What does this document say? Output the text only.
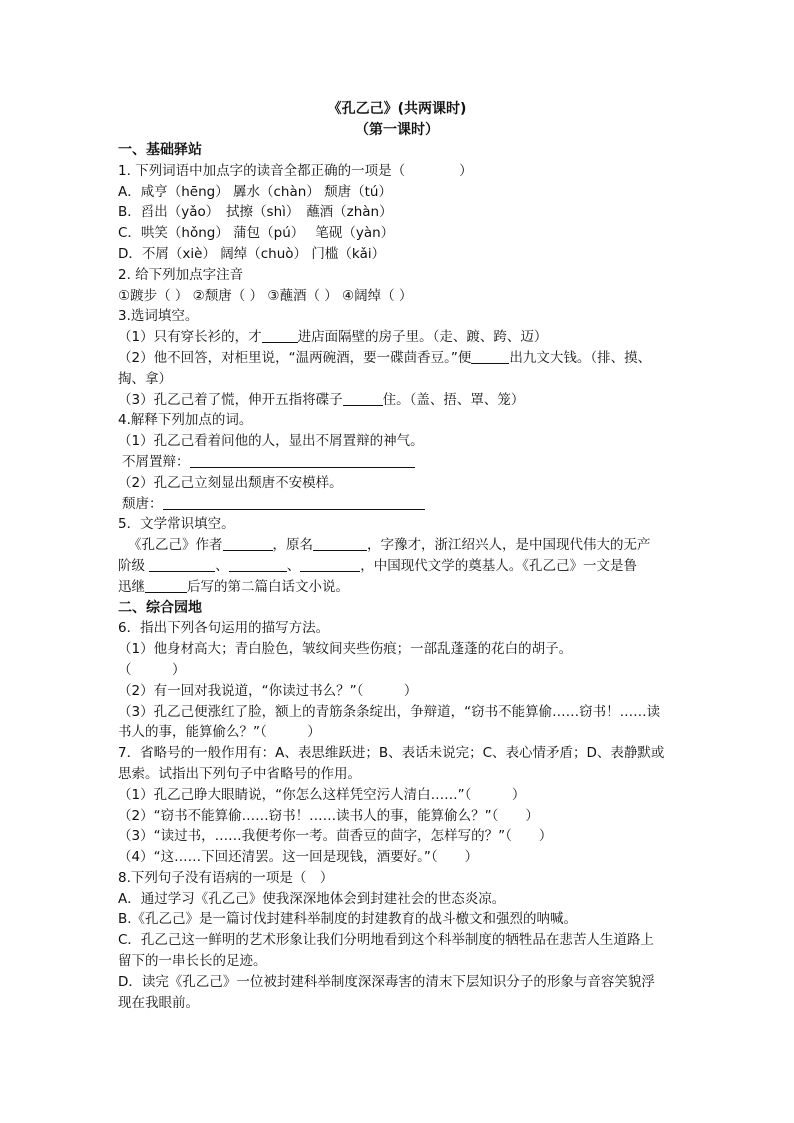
《孔乙己》(共两课时)
（第一课时）
一、基础驿站
1. 下列词语中加点字的读音全都正确的一项是（　　　　）
A．咸亨（hēng） 羼水（chàn） 颓唐（tú）
B．舀出（yǎo）　拭擦（shì）　蘸酒（zhàn）
C．哄笑（hǒng） 蒲包（pú）　 笔砚（yàn）
D．不屑（xiè） 阔绰（chuò） 门槛（kǎi）
2. 给下列加点字注音
①踱步（ ） ②颓唐（ ） ③蘸酒（ ） ④阔绰（ ）
3.选词填空。
（1）只有穿长衫的，才	进店面隔壁的房子里。（走、踱、跨、迈）
（2）他不回答，对柜里说，“温两碗酒，要一碟茴香豆。”便	出九文大钱。（排、摸、
掏、拿）
（3）孔乙己着了慌，伸开五指将碟子	住。（盖、捂、罩、笼）
4.解释下列加点的词。
（1）孔乙己看着问他的人，显出不屑置辩的神气。
不屑置辩：
（2）孔乙己立刻显出颓唐不安模样。
颓唐：
5．文学常识填空。
《孔乙己》作者	，原名	，字豫才，浙江绍兴人，是中国现代伟大的无产
阶级	、	、	，中国现代文学的奠基人。《孔乙己》一文是鲁
迅继	后写的第二篇白话文小说。
二、综合园地
6．指出下列各句运用的描写方法。
（1）他身材高大；青白脸色，皱纹间夹些伤痕；一部乱蓬蓬的花白的胡子。
（　　　）
（2）有一回对我说道，“你读过书么？”（　　　）
（3）孔乙己便涨红了脸，额上的青筋条条绽出，争辩道，“窃书不能算偷……窃书！……读
书人的事，能算偷么？”（　　　）
7．省略号的一般作用有：A、表思维跃进；B、表话未说完；C、表心情矛盾；D、表静默或
思索。试指出下列句子中省略号的作用。
（1）孔乙己睁大眼睛说，“你怎么这样凭空污人清白……”（　　　）
（2）“窃书不能算偷……窃书！……读书人的事，能算偷么？”（　　）
（3）“读过书，……我便考你一考。茴香豆的茴字，怎样写的？”（　　）
（4）“这……下回还清罢。这一回是现钱，酒要好。”（　　）
8.下列句子没有语病的一项是（　）
A．通过学习《孔乙己》使我深深地体会到封建社会的世态炎凉。
B.《孔乙己》是一篇讨伐封建科举制度的封建教育的战斗檄文和强烈的呐喊。
C．孔乙己这一鲜明的艺术形象让我们分明地看到这个科举制度的牺牲品在悲苦人生道路上
留下的一串长长的足迹。
D．读完《孔乙己》一位被封建科举制度深深毒害的清末下层知识分子的形象与音容笑貌浮
现在我眼前。
